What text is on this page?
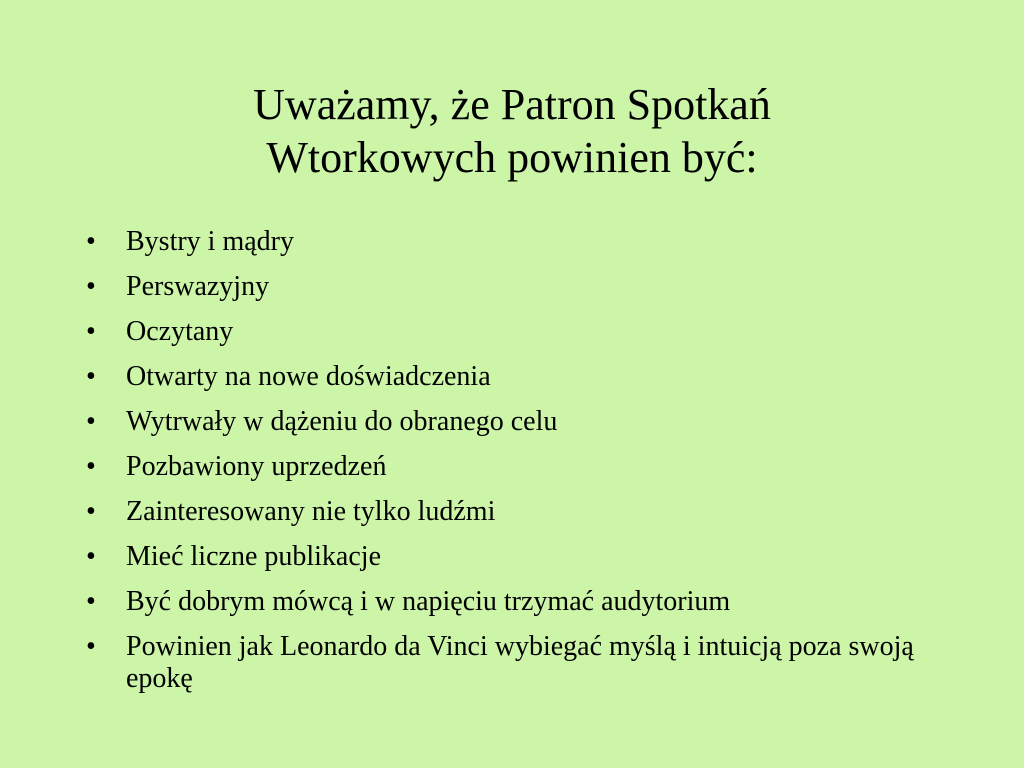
Uważamy, że Patron Spotkań
Wtorkowych powinien być:
•	Bystry i mądry
•	Perswazyjny
•	Oczytany
•	Otwarty na nowe doświadczenia
•	Wytrwały w dążeniu do obranego celu
•	Pozbawiony uprzedzeń
•	Zainteresowany nie tylko ludźmi
•	Mieć liczne publikacje
•	Być dobrym mówcą i w napięciu trzymać audytorium
•	Powinien jak Leonardo da Vinci wybiegać myślą i intuicją poza swoją epokę
